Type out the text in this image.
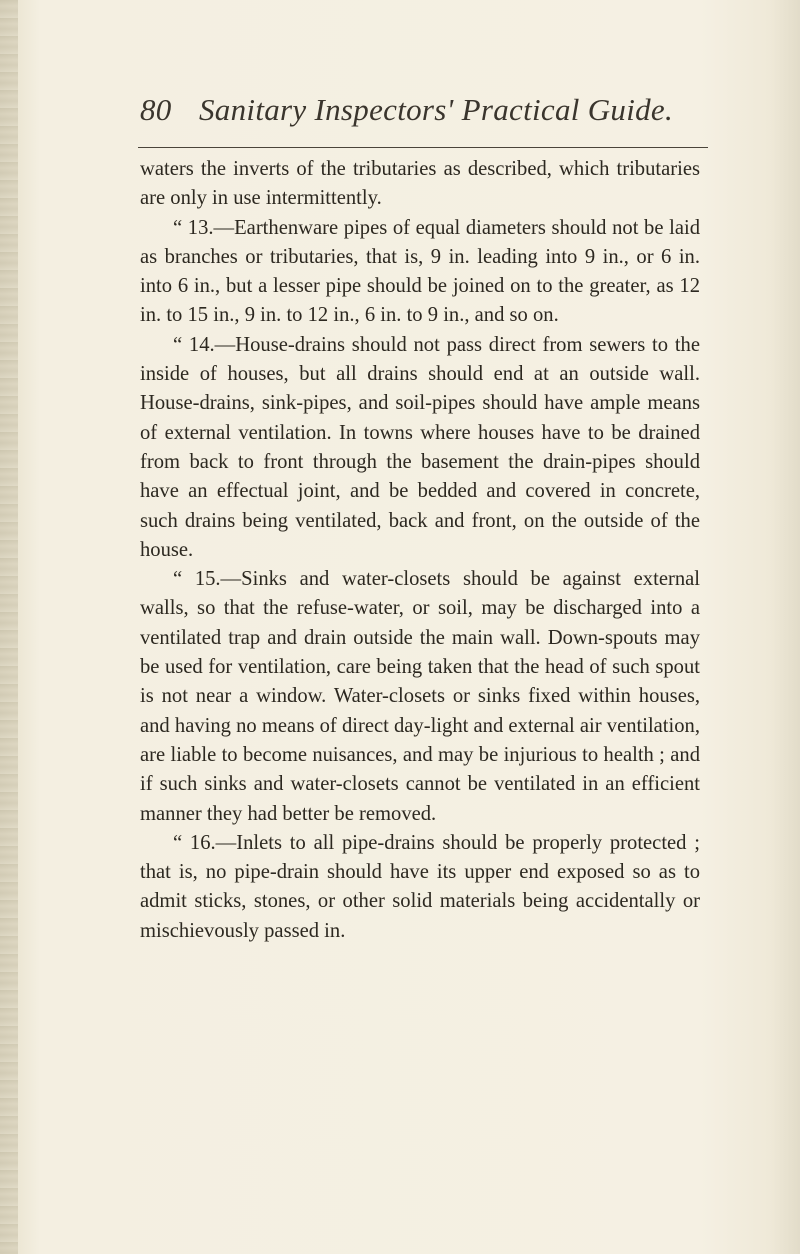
80 Sanitary Inspectors' Practical Guide.

waters the inverts of the tributaries as described, which tributaries are only in use intermittently.

“ 13.—Earthenware pipes of equal diameters should not be laid as branches or tributaries, that is, 9 in. leading into 9 in., or 6 in. into 6 in., but a lesser pipe should be joined on to the greater, as 12 in. to 15 in., 9 in. to 12 in., 6 in. to 9 in., and so on.

“ 14.—House-drains should not pass direct from sewers to the inside of houses, but all drains should end at an outside wall. House-drains, sink-pipes, and soil-pipes should have ample means of external ventilation. In towns where houses have to be drained from back to front through the basement the drain-pipes should have an effectual joint, and be bedded and covered in concrete, such drains being ventilated, back and front, on the outside of the house.

“ 15.—Sinks and water-closets should be against external walls, so that the refuse-water, or soil, may be discharged into a ventilated trap and drain outside the main wall. Down-spouts may be used for ventilation, care being taken that the head of such spout is not near a window. Water-closets or sinks fixed within houses, and having no means of direct day-light and external air ventilation, are liable to become nuisances, and may be injurious to health ; and if such sinks and water-closets cannot be ventilated in an efficient manner they had better be removed.

“ 16.—Inlets to all pipe-drains should be properly protected ; that is, no pipe-drain should have its upper end exposed so as to admit sticks, stones, or other solid materials being accidentally or mischievously passed in.
